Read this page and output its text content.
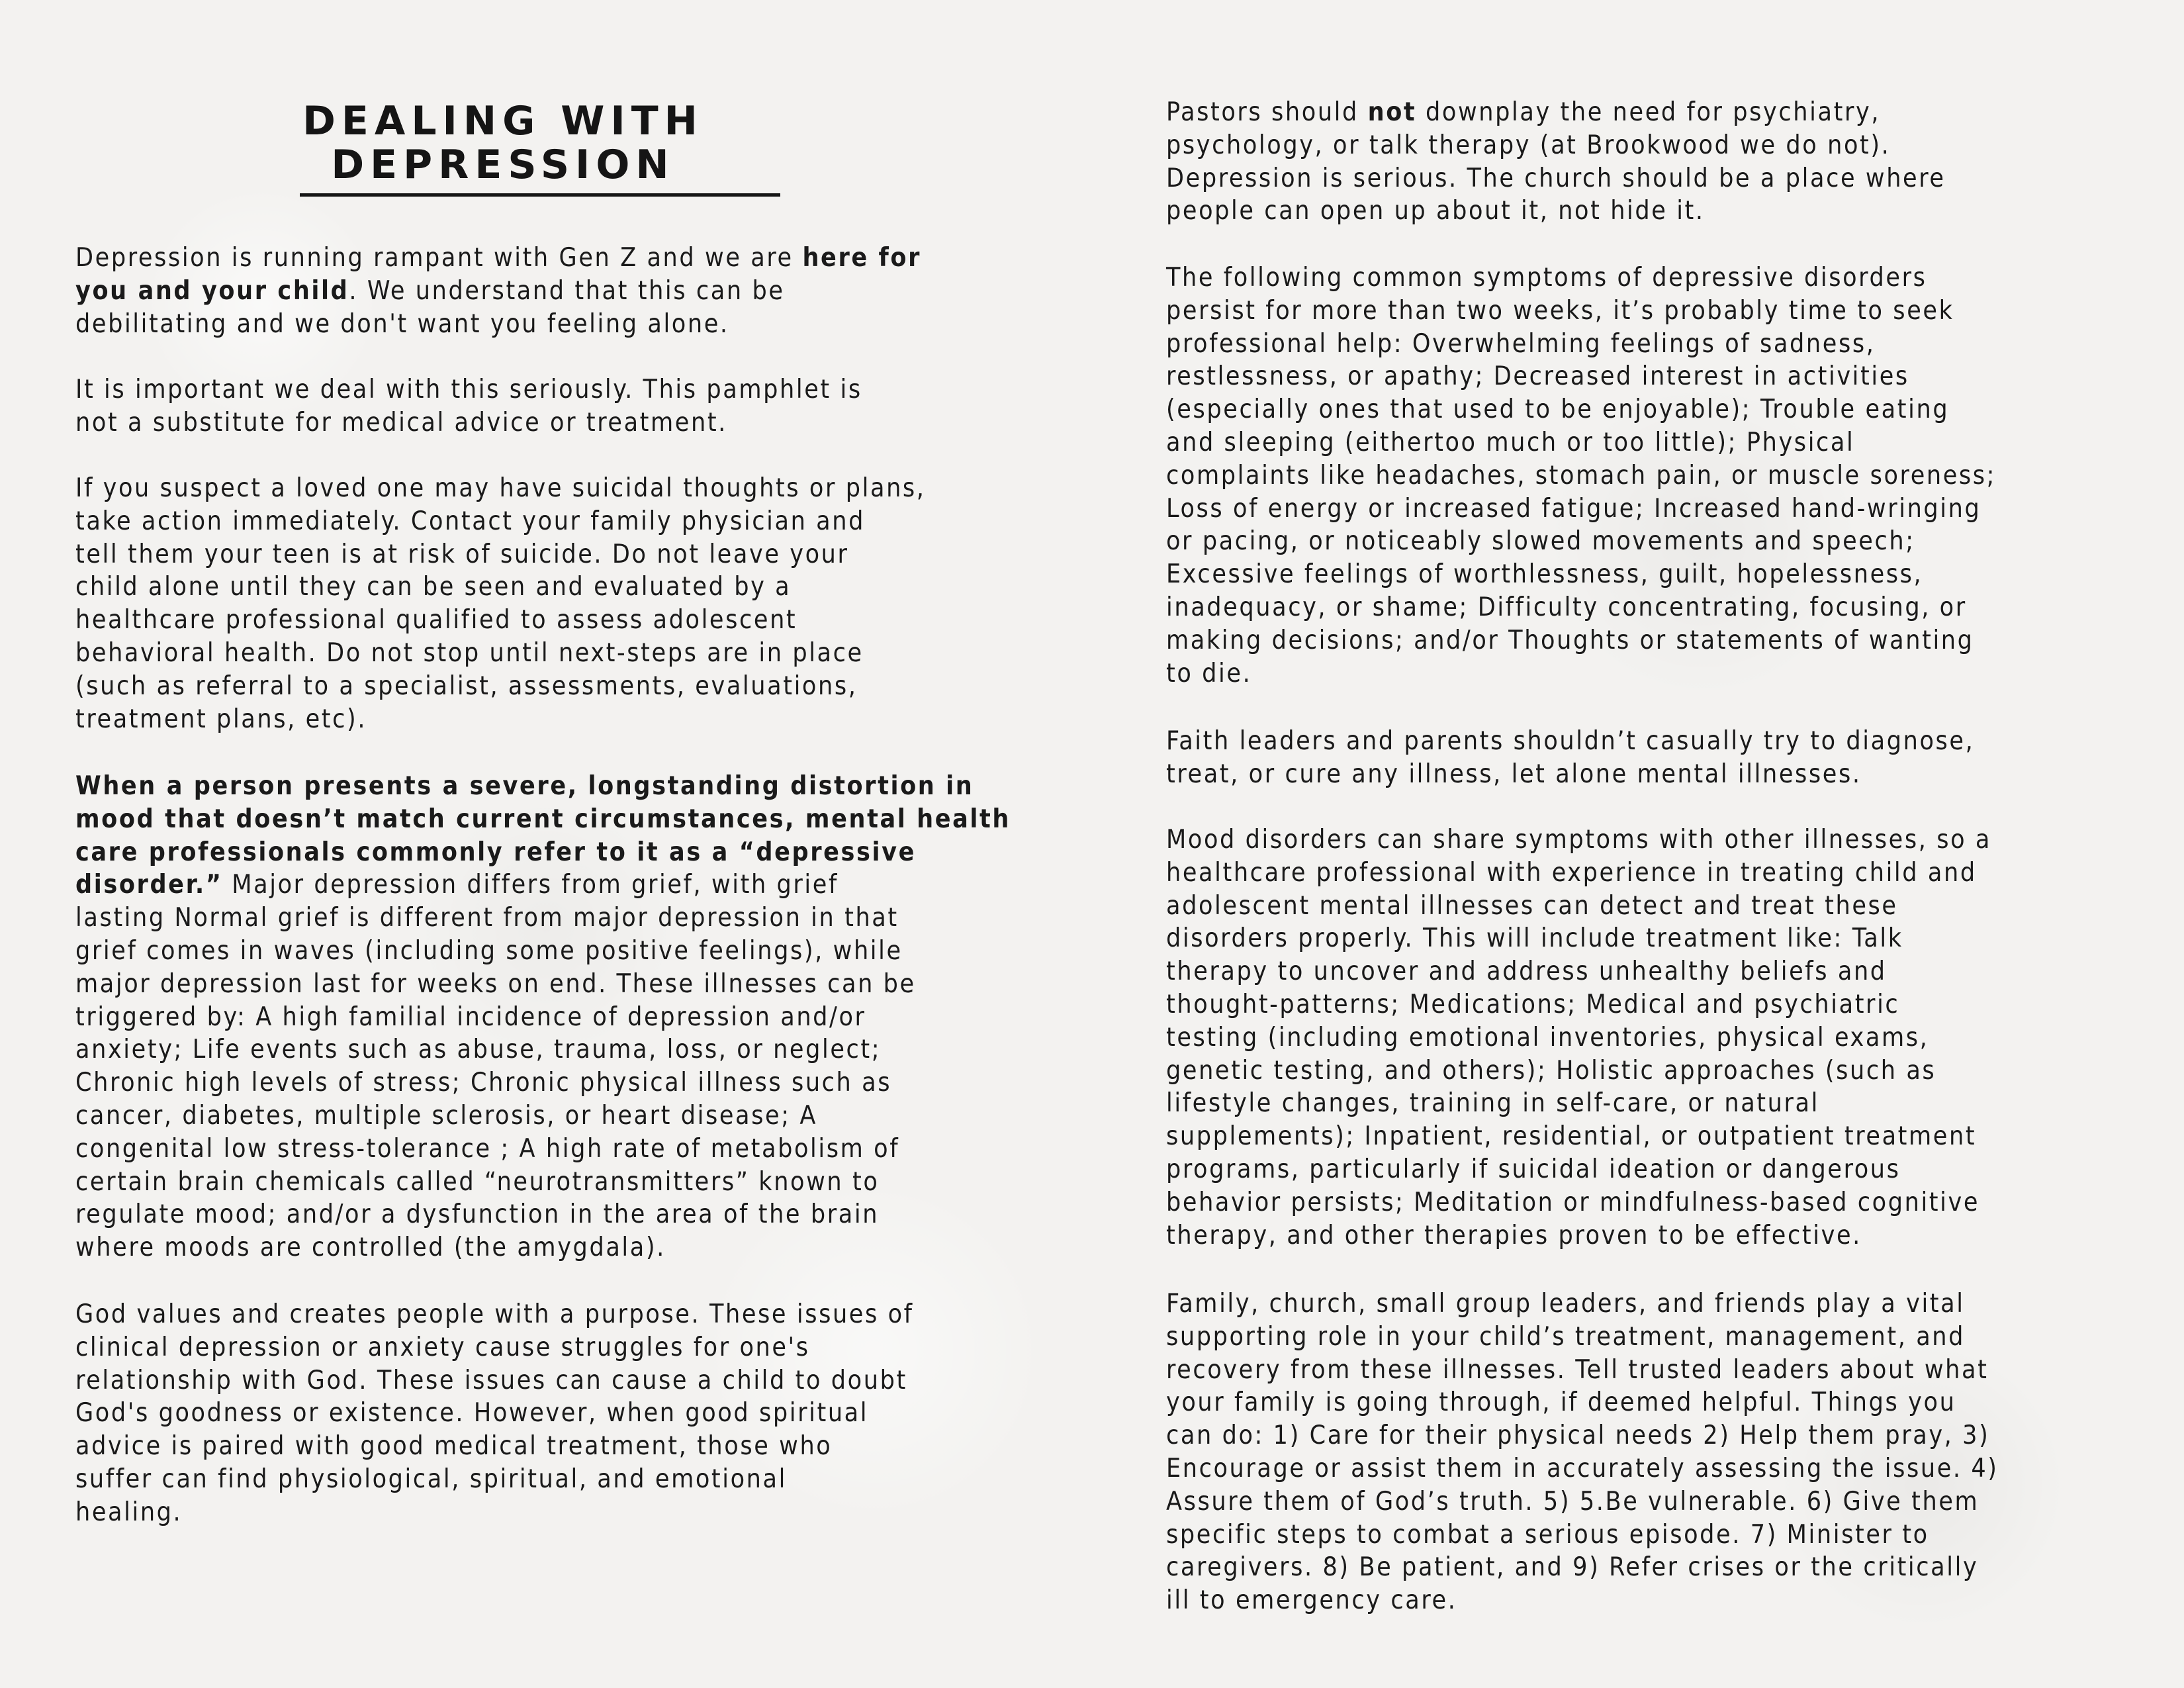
DEALING WITH

DEPRESSION

Depression is running rampant with Gen Z and we are here for
you and your child. We understand that this can be
debilitating and we don't want you feeling alone.
It is important we deal with this seriously. This pamphlet is
not a substitute for medical advice or treatment.
If you suspect a loved one may have suicidal thoughts or plans,
take action immediately. Contact your family physician and
tell them your teen is at risk of suicide. Do not leave your
child alone until they can be seen and evaluated by a
healthcare professional qualified to assess adolescent
behavioral health. Do not stop until next-steps are in place
(such as referral to a specialist, assessments, evaluations,
treatment plans, etc).
When a person presents a severe, longstanding distortion in
mood that doesn’t match current circumstances, mental health
care professionals commonly refer to it as a “depressive
disorder.” Major depression differs from grief, with grief
lasting Normal grief is different from major depression in that
grief comes in waves (including some positive feelings), while
major depression last for weeks on end. These illnesses can be
triggered by: A high familial incidence of depression and/or
anxiety; Life events such as abuse, trauma, loss, or neglect;
Chronic high levels of stress; Chronic physical illness such as
cancer, diabetes, multiple sclerosis, or heart disease; A
congenital low stress-tolerance ; A high rate of metabolism of
certain brain chemicals called “neurotransmitters” known to
regulate mood; and/or a dysfunction in the area of the brain
where moods are controlled (the amygdala).
God values and creates people with a purpose. These issues of
clinical depression or anxiety cause struggles for one's
relationship with God. These issues can cause a child to doubt
God's goodness or existence. However, when good spiritual
advice is paired with good medical treatment, those who
suffer can find physiological, spiritual, and emotional
healing.
Pastors should not downplay the need for psychiatry,
psychology, or talk therapy (at Brookwood we do not).
Depression is serious. The church should be a place where
people can open up about it, not hide it.
The following common symptoms of depressive disorders
persist for more than two weeks, it’s probably time to seek
professional help: Overwhelming feelings of sadness,
restlessness, or apathy; Decreased interest in activities
(especially ones that used to be enjoyable); Trouble eating
and sleeping (eithertoo much or too little); Physical
complaints like headaches, stomach pain, or muscle soreness;
Loss of energy or increased fatigue; Increased hand-wringing
or pacing, or noticeably slowed movements and speech;
Excessive feelings of worthlessness, guilt, hopelessness,
inadequacy, or shame; Difficulty concentrating, focusing, or
making decisions; and/or Thoughts or statements of wanting
to die.
Faith leaders and parents shouldn’t casually try to diagnose,
treat, or cure any illness, let alone mental illnesses.
Mood disorders can share symptoms with other illnesses, so a
healthcare professional with experience in treating child and
adolescent mental illnesses can detect and treat these
disorders properly. This will include treatment like: Talk
therapy to uncover and address unhealthy beliefs and
thought-patterns; Medications; Medical and psychiatric
testing (including emotional inventories, physical exams,
genetic testing, and others); Holistic approaches (such as
lifestyle changes, training in self-care, or natural
supplements); Inpatient, residential, or outpatient treatment
programs, particularly if suicidal ideation or dangerous
behavior persists; Meditation or mindfulness-based cognitive
therapy, and other therapies proven to be effective.
Family, church, small group leaders, and friends play a vital
supporting role in your child’s treatment, management, and
recovery from these illnesses. Tell trusted leaders about what
your family is going through, if deemed helpful. Things you
can do: 1) Care for their physical needs 2) Help them pray, 3)
Encourage or assist them in accurately assessing the issue. 4)
Assure them of God’s truth. 5) 5.Be vulnerable. 6) Give them
specific steps to combat a serious episode. 7) Minister to
caregivers. 8) Be patient, and 9) Refer crises or the critically
ill to emergency care.
